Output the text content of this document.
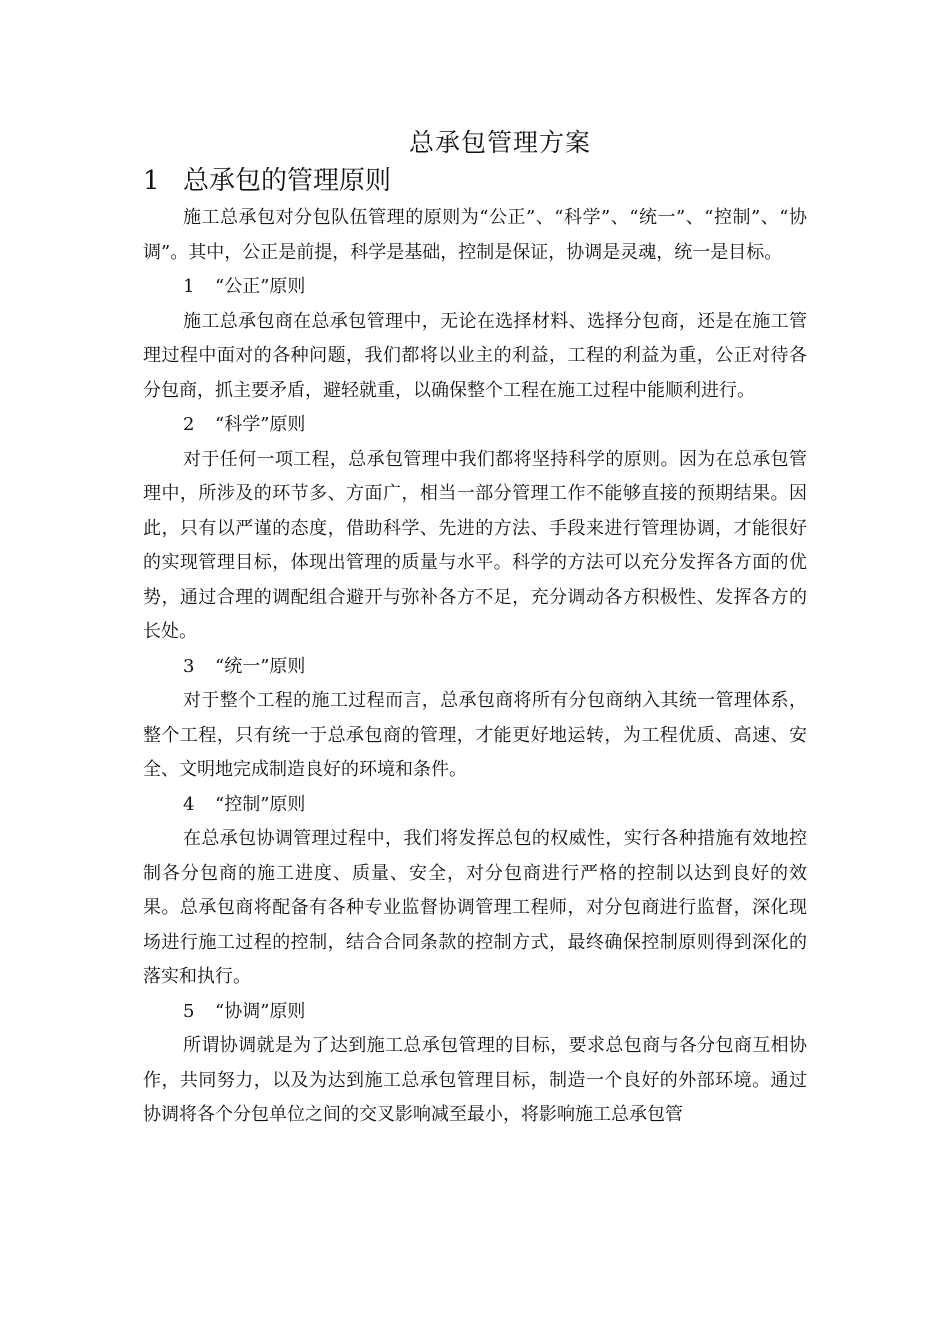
总承包管理方案
1 总承包的管理原则

施工总承包对分包队伍管理的原则为“公正”、“科学”、“统一”、“控制”、“协调”。其中，公正是前提，科学是基础，控制是保证，协调是灵魂，统一是目标。

1 “公正”原则

施工总承包商在总承包管理中，无论在选择材料、选择分包商，还是在施工管理过程中面对的各种问题，我们都将以业主的利益，工程的利益为重，公正对待各分包商，抓主要矛盾，避轻就重，以确保整个工程在施工过程中能顺利进行。

2 “科学”原则

对于任何一项工程，总承包管理中我们都将坚持科学的原则。因为在总承包管理中，所涉及的环节多、方面广，相当一部分管理工作不能够直接的预期结果。因此，只有以严谨的态度，借助科学、先进的方法、手段来进行管理协调，才能很好的实现管理目标，体现出管理的质量与水平。科学的方法可以充分发挥各方面的优势，通过合理的调配组合避开与弥补各方不足，充分调动各方积极性、发挥各方的长处。

3 “统一”原则

对于整个工程的施工过程而言，总承包商将所有分包商纳入其统一管理体系，整个工程，只有统一于总承包商的管理，才能更好地运转，为工程优质、高速、安全、文明地完成制造良好的环境和条件。

4 “控制”原则

在总承包协调管理过程中，我们将发挥总包的权威性，实行各种措施有效地控制各分包商的施工进度、质量、安全，对分包商进行严格的控制以达到良好的效果。总承包商将配备有各种专业监督协调管理工程师，对分包商进行监督，深化现场进行施工过程的控制，结合合同条款的控制方式，最终确保控制原则得到深化的落实和执行。

5 “协调”原则

所谓协调就是为了达到施工总承包管理的目标，要求总包商与各分包商互相协作，共同努力，以及为达到施工总承包管理目标，制造一个良好的外部环境。通过协调将各个分包单位之间的交叉影响减至最小，将影响施工总承包管
